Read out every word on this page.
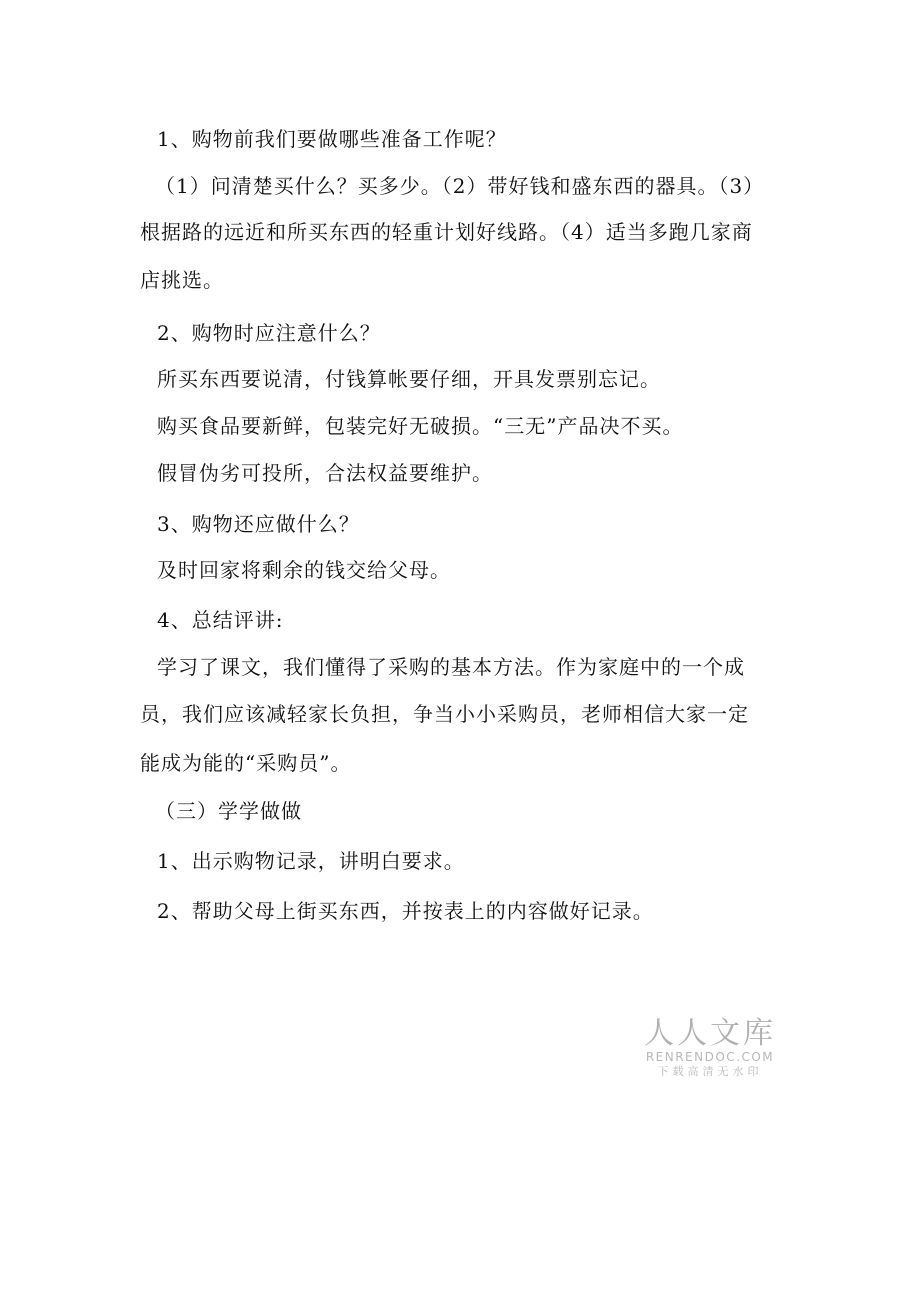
1、购物前我们要做哪些准备工作呢？
（1）问清楚买什么？买多少。（2）带好钱和盛东西的器具。（3）
根据路的远近和所买东西的轻重计划好线路。（4）适当多跑几家商
店挑选。
2、购物时应注意什么？
所买东西要说清，付钱算帐要仔细，开具发票别忘记。
购买食品要新鲜，包装完好无破损。“三无”产品决不买。
假冒伪劣可投所，合法权益要维护。
3、购物还应做什么？
及时回家将剩余的钱交给父母。
4、总结评讲:
学习了课文，我们懂得了采购的基本方法。作为家庭中的一个成
员，我们应该减轻家长负担，争当小小采购员，老师相信大家一定
能成为能的“采购员”。
（三）学学做做
1、出示购物记录，讲明白要求。
2、帮助父母上街买东西，并按表上的内容做好记录。
人人文库
RENRENDOC.COM
下载高清无水印
